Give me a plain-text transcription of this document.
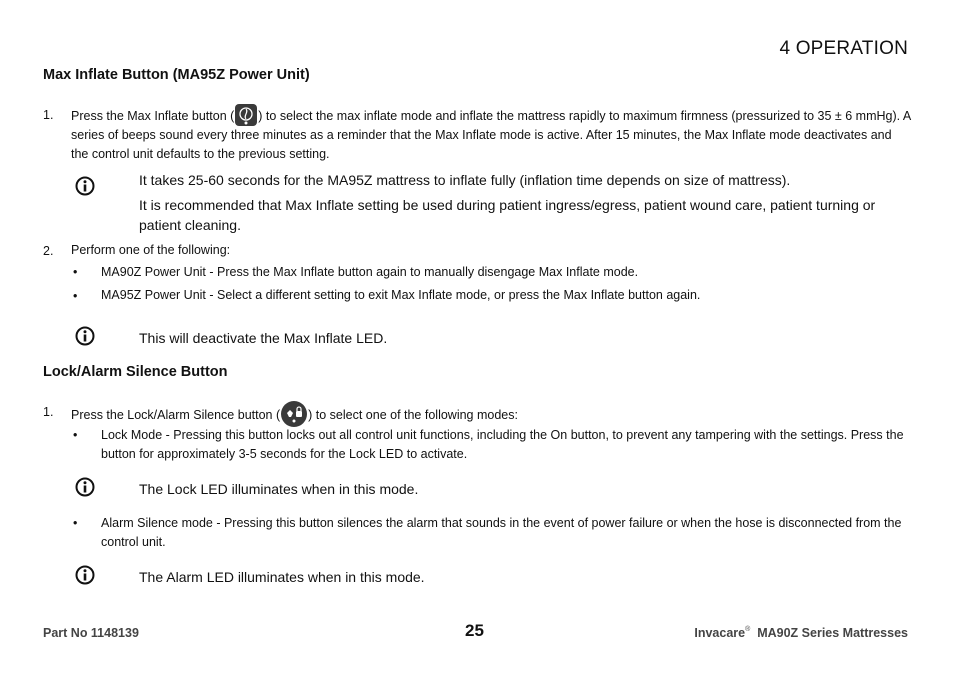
4 OPERATION
Max Inflate Button (MA95Z Power Unit)
1. Press the Max Inflate button ( ) to select the max inflate mode and inflate the mattress rapidly to maximum firmness (pressurized to 35 ± 6 mmHg). A series of beeps sound every three minutes as a reminder that the Max Inflate mode is active. After 15 minutes, the Max Inflate mode deactivates and the control unit defaults to the previous setting.

It takes 25-60 seconds for the MA95Z mattress to inflate fully (inflation time depends on size of mattress).

It is recommended that Max Inflate setting be used during patient ingress/egress, patient wound care, patient turning or patient cleaning.

2. Perform one of the following:
• MA90Z Power Unit - Press the Max Inflate button again to manually disengage Max Inflate mode.
• MA95Z Power Unit - Select a different setting to exit Max Inflate mode, or press the Max Inflate button again.
This will deactivate the Max Inflate LED.
Lock/Alarm Silence Button
1. Press the Lock/Alarm Silence button ( ) to select one of the following modes:
• Lock Mode - Pressing this button locks out all control unit functions, including the On button, to prevent any tampering with the settings. Press the button for approximately 3-5 seconds for the Lock LED to activate.
The Lock LED illuminates when in this mode.
• Alarm Silence mode - Pressing this button silences the alarm that sounds in the event of power failure or when the hose is disconnected from the control unit.
The Alarm LED illuminates when in this mode.
Part No 1148139	25	Invacare® MA90Z Series Mattresses
